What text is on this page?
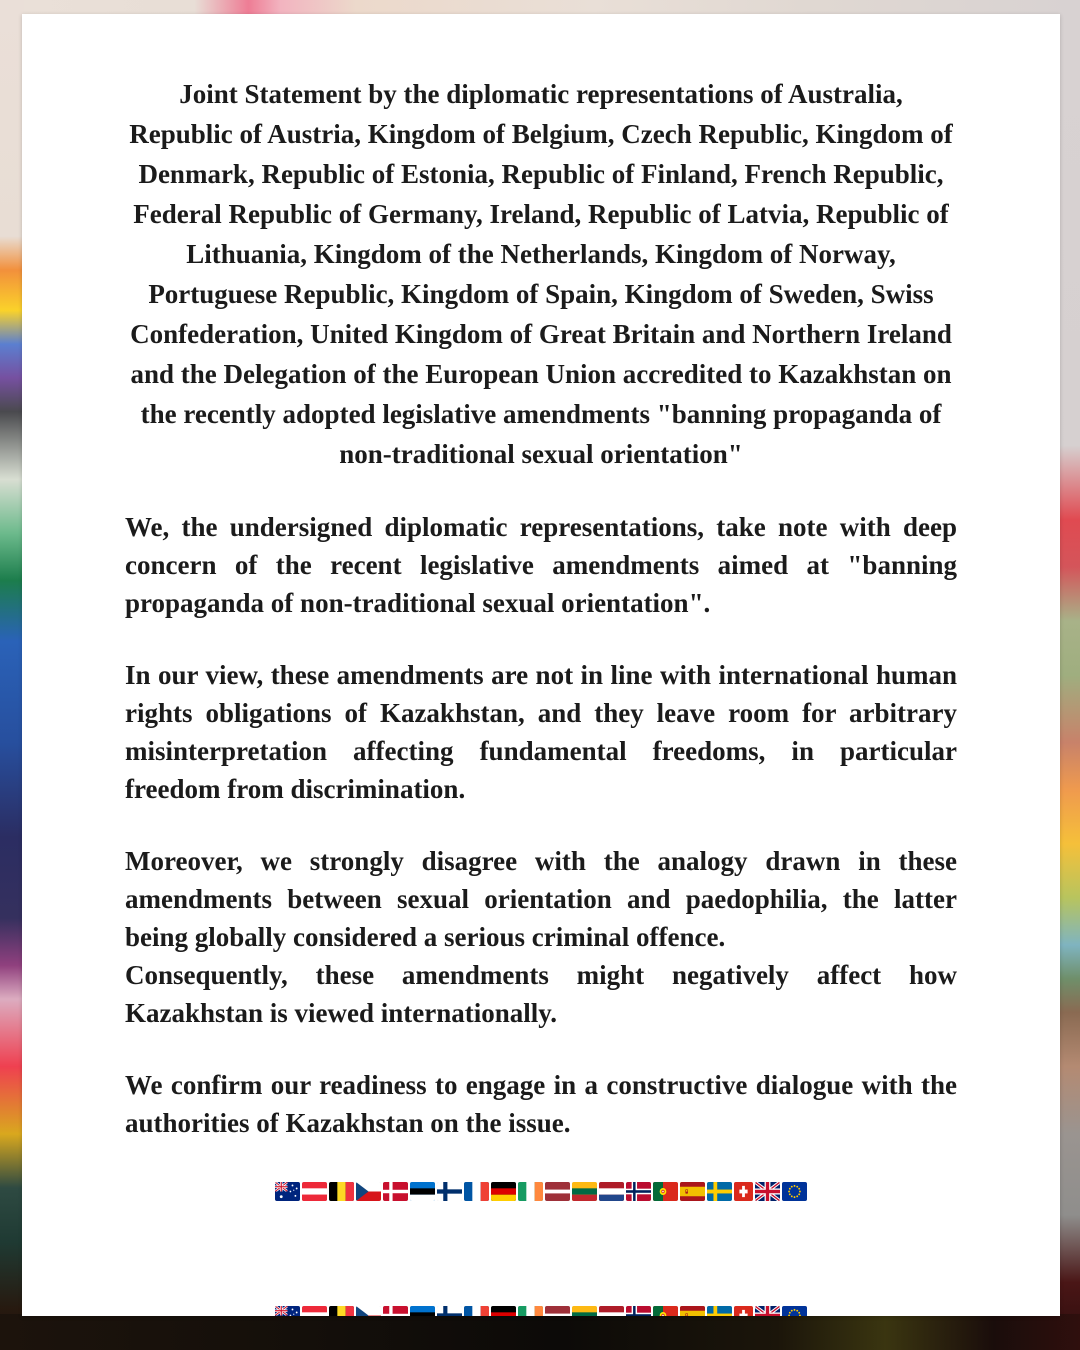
Joint Statement by the diplomatic representations of Australia, Republic of Austria, Kingdom of Belgium, Czech Republic, Kingdom of Denmark, Republic of Estonia, Republic of Finland, French Republic, Federal Republic of Germany, Ireland, Republic of Latvia, Republic of Lithuania, Kingdom of the Netherlands, Kingdom of Norway, Portuguese Republic, Kingdom of Spain, Kingdom of Sweden, Swiss Confederation, United Kingdom of Great Britain and Northern Ireland and the Delegation of the European Union accredited to Kazakhstan on the recently adopted legislative amendments "banning propaganda of non-traditional sexual orientation"

We, the undersigned diplomatic representations, take note with deep concern of the recent legislative amendments aimed at "banning propaganda of non-traditional sexual orientation".

In our view, these amendments are not in line with international human rights obligations of Kazakhstan, and they leave room for arbitrary misinterpretation affecting fundamental freedoms, in particular freedom from discrimination.

Moreover, we strongly disagree with the analogy drawn in these amendments between sexual orientation and paedophilia, the latter being globally considered a serious criminal offence.

Consequently, these amendments might negatively affect how Kazakhstan is viewed internationally.

We confirm our readiness to engage in a constructive dialogue with the authorities of Kazakhstan on the issue.
